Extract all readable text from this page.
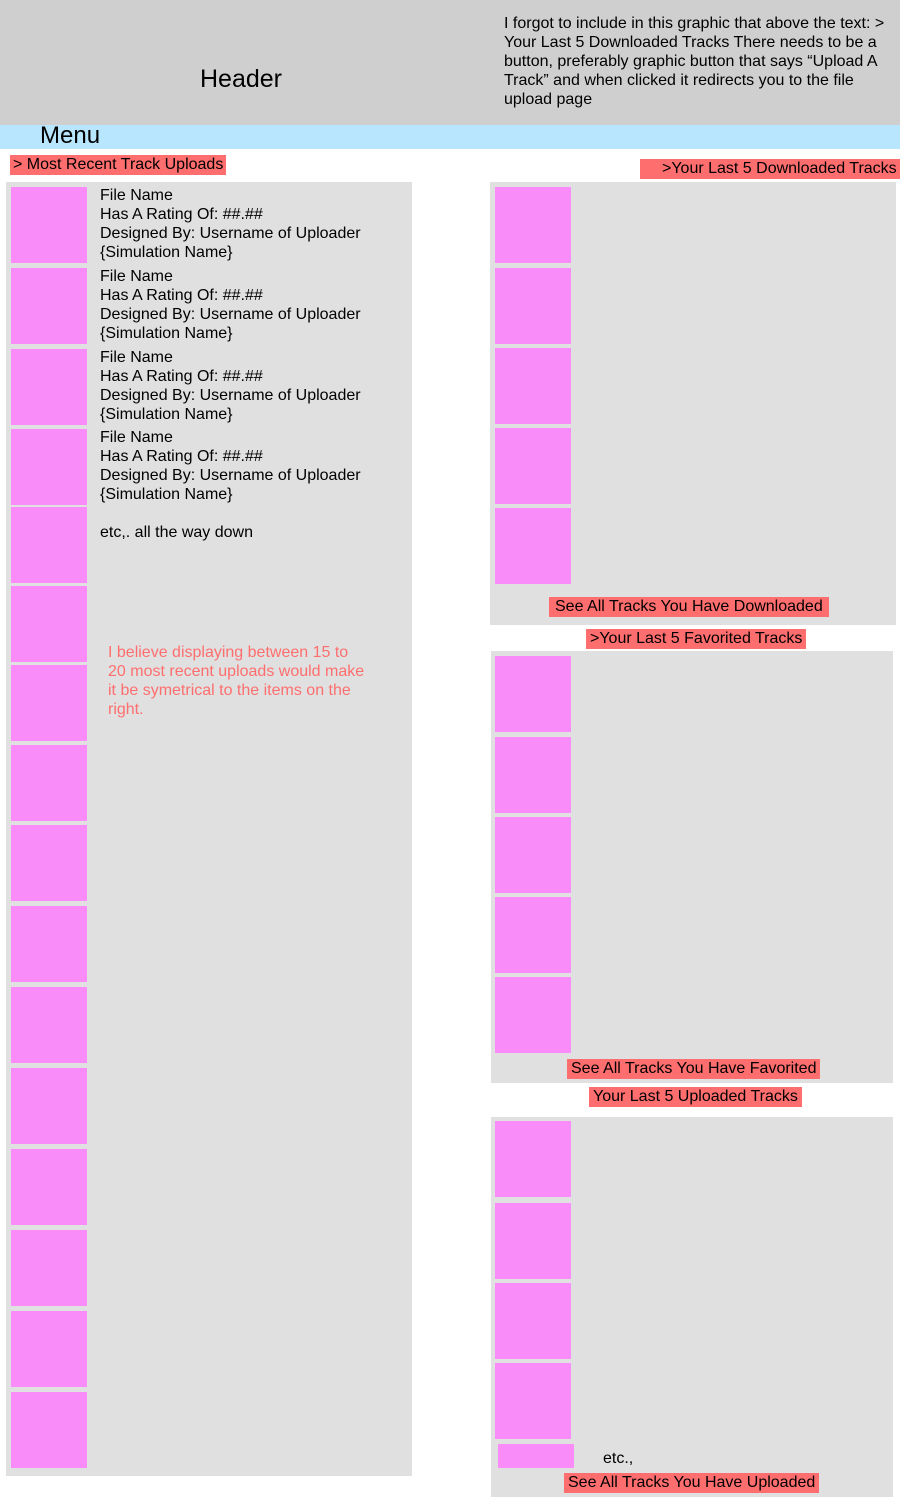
Header
I forgot to include in this graphic that above the text: > Your Last 5 Downloaded Tracks There needs to be a button, preferably graphic button that says “Upload A Track” and when clicked it redirects you to the file upload page
Menu
> Most Recent Track Uploads
File Name
Has A Rating Of: ##.##
Designed By: Username of Uploader
{Simulation Name}
File Name
Has A Rating Of: ##.##
Designed By: Username of Uploader
{Simulation Name}
File Name
Has A Rating Of: ##.##
Designed By: Username of Uploader
{Simulation Name}
File Name
Has A Rating Of: ##.##
Designed By: Username of Uploader
{Simulation Name}
etc,. all the way down
I believe displaying between 15 to 20 most recent uploads would make it be symetrical to the items on the right.
>Your Last 5 Downloaded Tracks
See All Tracks You Have Downloaded
>Your Last 5 Favorited Tracks
See All Tracks You Have Favorited
Your Last 5 Uploaded Tracks
etc.,
See All Tracks You Have Uploaded
